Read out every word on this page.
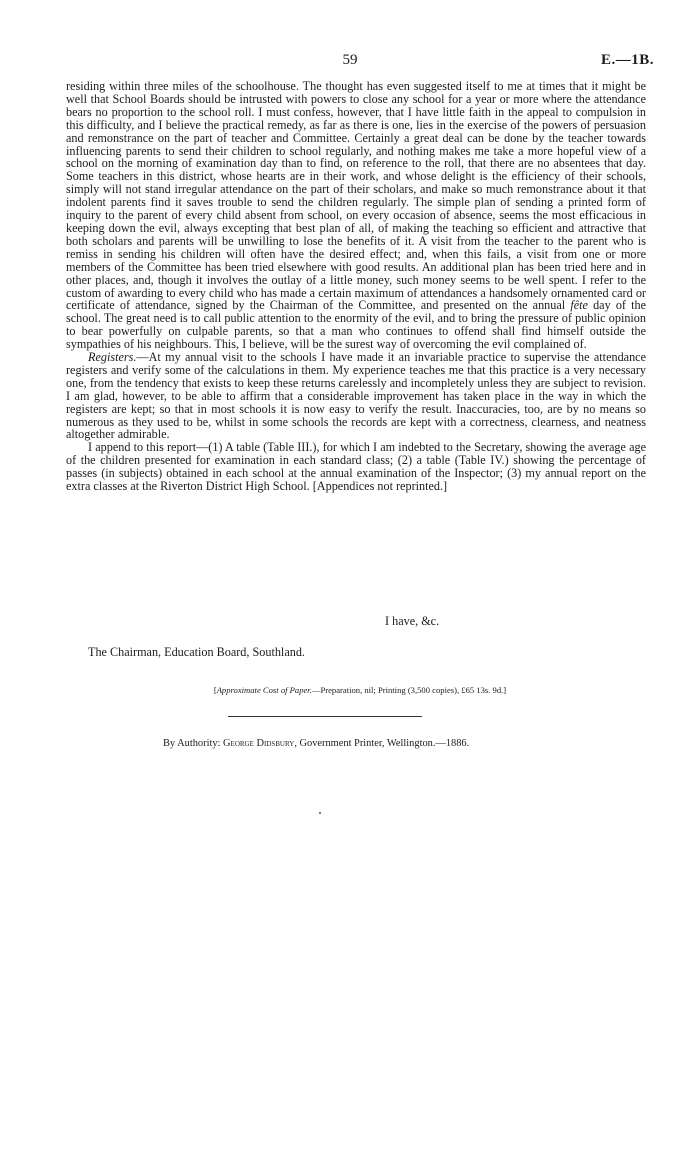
59	E.—1B.

residing within three miles of the schoolhouse. The thought has even suggested itself to me at times that it might be well that School Boards should be intrusted with powers to close any school for a year or more where the attendance bears no proportion to the school roll. I must confess, however, that I have little faith in the appeal to compulsion in this difficulty, and I believe the practical remedy, as far as there is one, lies in the exercise of the powers of persuasion and remonstrance on the part of teacher and Committee. Certainly a great deal can be done by the teacher towards influencing parents to send their children to school regularly, and nothing makes me take a more hopeful view of a school on the morning of examination day than to find, on reference to the roll, that there are no absentees that day. Some teachers in this district, whose hearts are in their work, and whose delight is the efficiency of their schools, simply will not stand irregular attendance on the part of their scholars, and make so much remonstrance about it that indolent parents find it saves trouble to send the children regularly. The simple plan of sending a printed form of inquiry to the parent of every child absent from school, on every occasion of absence, seems the most efficacious in keeping down the evil, always excepting that best plan of all, of making the teaching so efficient and attractive that both scholars and parents will be unwilling to lose the benefits of it. A visit from the teacher to the parent who is remiss in sending his children will often have the desired effect; and, when this fails, a visit from one or more members of the Committee has been tried elsewhere with good results. An additional plan has been tried here and in other places, and, though it involves the outlay of a little money, such money seems to be well spent. I refer to the custom of awarding to every child who has made a certain maximum of attendances a handsomely ornamented card or certificate of attendance, signed by the Chairman of the Committee, and presented on the annual fête day of the school. The great need is to call public attention to the enormity of the evil, and to bring the pressure of public opinion to bear powerfully on culpable parents, so that a man who continues to offend shall find himself outside the sympathies of his neighbours. This, I believe, will be the surest way of overcoming the evil complained of.

Registers.—At my annual visit to the schools I have made it an invariable practice to supervise the attendance registers and verify some of the calculations in them. My experience teaches me that this practice is a very necessary one, from the tendency that exists to keep these returns carelessly and incompletely unless they are subject to revision. I am glad, however, to be able to affirm that a considerable improvement has taken place in the way in which the registers are kept; so that in most schools it is now easy to verify the result. Inaccuracies, too, are by no means so numerous as they used to be, whilst in some schools the records are kept with a correctness, clearness, and neatness altogether admirable.

I append to this report—(1) A table (Table III.), for which I am indebted to the Secretary, showing the average age of the children presented for examination in each standard class; (2) a table (Table IV.) showing the percentage of passes (in subjects) obtained in each school at the annual examination of the Inspector; (3) my annual report on the extra classes at the Riverton District High School. [Appendices not reprinted.]

I have, &c.
The Chairman, Education Board, Southland.
[Approximate Cost of Paper.—Preparation, nil; Printing (3,500 copies), £65 13s. 9d.]
By Authority: George Didsbury, Government Printer, Wellington.—1886.
